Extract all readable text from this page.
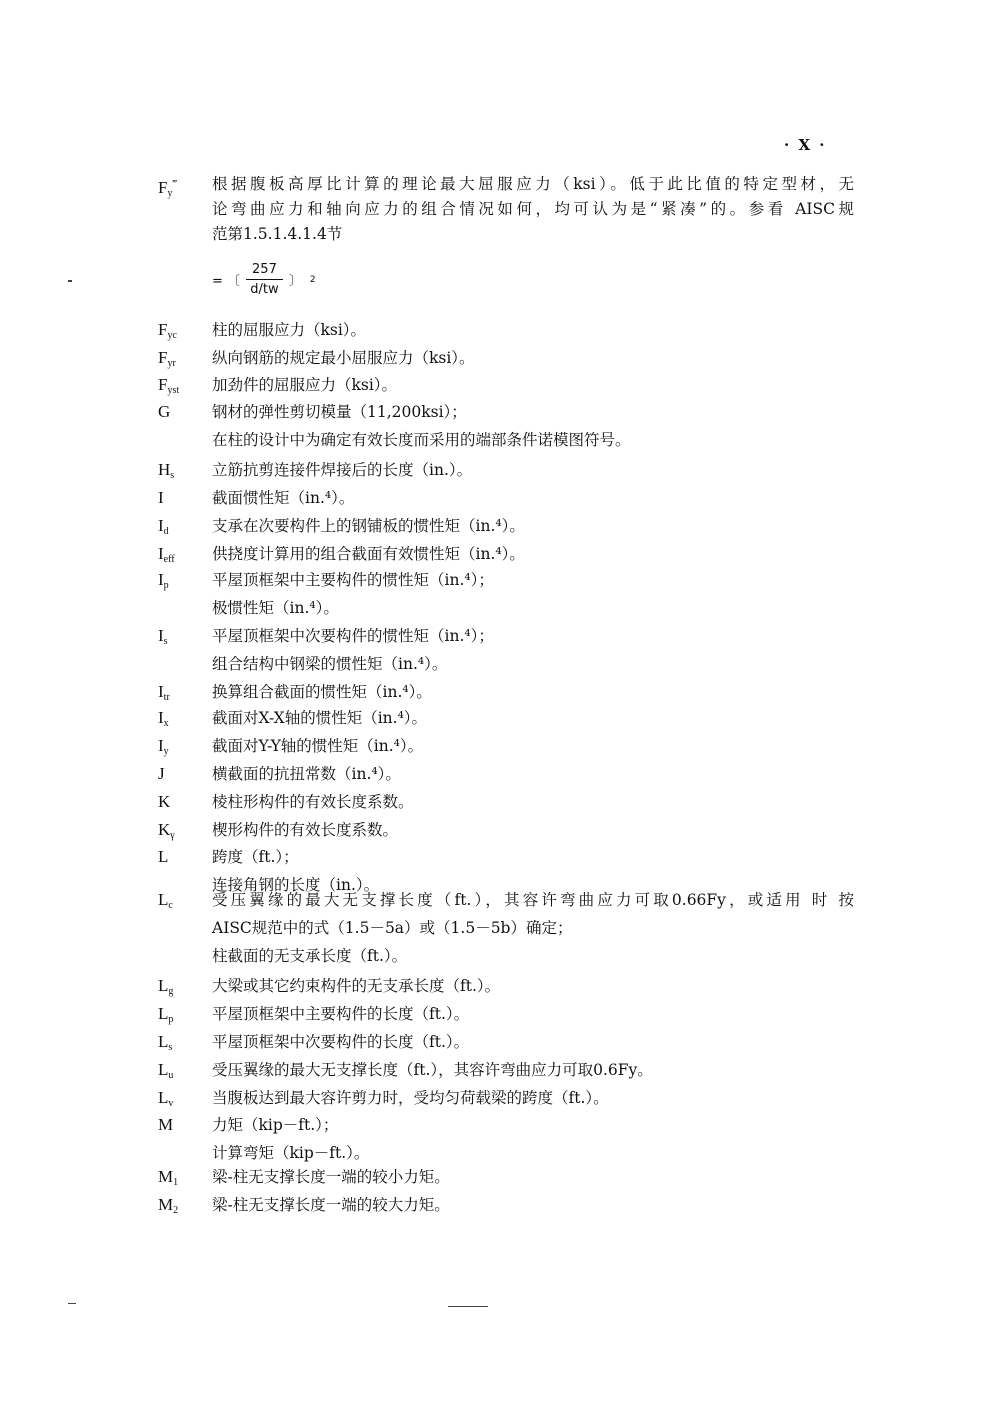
· Ⅹ ·
= 〔 $\frac{257}{d/tw}$ 〕 2
$F_y^‴$ 根据腹板高厚比计算的理论最大屈服应力（ksi）。低于此比值的特定型材，无
论弯曲应力和轴向应力的组合情况如何，均可认为是“紧凑”的。参看 AISC规
范第1.5.1.4.1.4节
$F_{yc}$ 柱的屈服应力（ksi）。
$F_{yr}$ 纵向钢筋的规定最小屈服应力（ksi）。
$F_{yst}$ 加劲件的屈服应力（ksi）。
G	钢材的弹性剪切模量（11,200ksi）；
在柱的设计中为确定有效长度而采用的端部条件诺模图符号。
$H_s$ 立筋抗剪连接件焊接后的长度（in.）。
I	截面惯性矩（in.⁴）。
$I_d$	支承在次要构件上的钢铺板的惯性矩（in.⁴）。
$I_{eff}$ 供挠度计算用的组合截面有效惯性矩（in.⁴）。
$I_p$	平屋顶框架中主要构件的惯性矩（in.⁴）；
极惯性矩（in.⁴）。
$I_s$	平屋顶框架中次要构件的惯性矩（in.⁴）；
组合结构中钢梁的惯性矩（in.⁴）。
$I_{tr}$	换算组合截面的惯性矩（in.⁴）。
$I_x$	截面对X-X轴的惯性矩（in.⁴）。
$I_y$	截面对Y-Y轴的惯性矩（in.⁴）。
J	横截面的抗扭常数（in.⁴）。
K	棱柱形构件的有效长度系数。
$K_\gamma$ 楔形构件的有效长度系数。
L	跨度（ft.）；
连接角钢的长度（in.）。
$L_c$	受压翼缘的最大无支撑长度（ft.），其容许弯曲应力可取0.66Fy，或适用 时 按
AISC规范中的式（1.5－5a）或（1.5－5b）确定；
柱截面的无支承长度（ft.）。
$L_g$ 大梁或其它约束构件的无支承长度（ft.）。
$L_p$ 平屋顶框架中主要构件的长度（ft.）。
$L_s$	平屋顶框架中次要构件的长度（ft.）。
$L_u$ 受压翼缘的最大无支撑长度（ft.），其容许弯曲应力可取0.6Fy。
$L_v$ 当腹板达到最大容许剪力时，受均匀荷载梁的跨度（ft.）。
M	力矩（kip－ft.）；
计算弯矩（kip－ft.）。
$M_1$ 梁-柱无支撑长度一端的较小力矩。
$M_2$ 梁-柱无支撑长度一端的较大力矩。
